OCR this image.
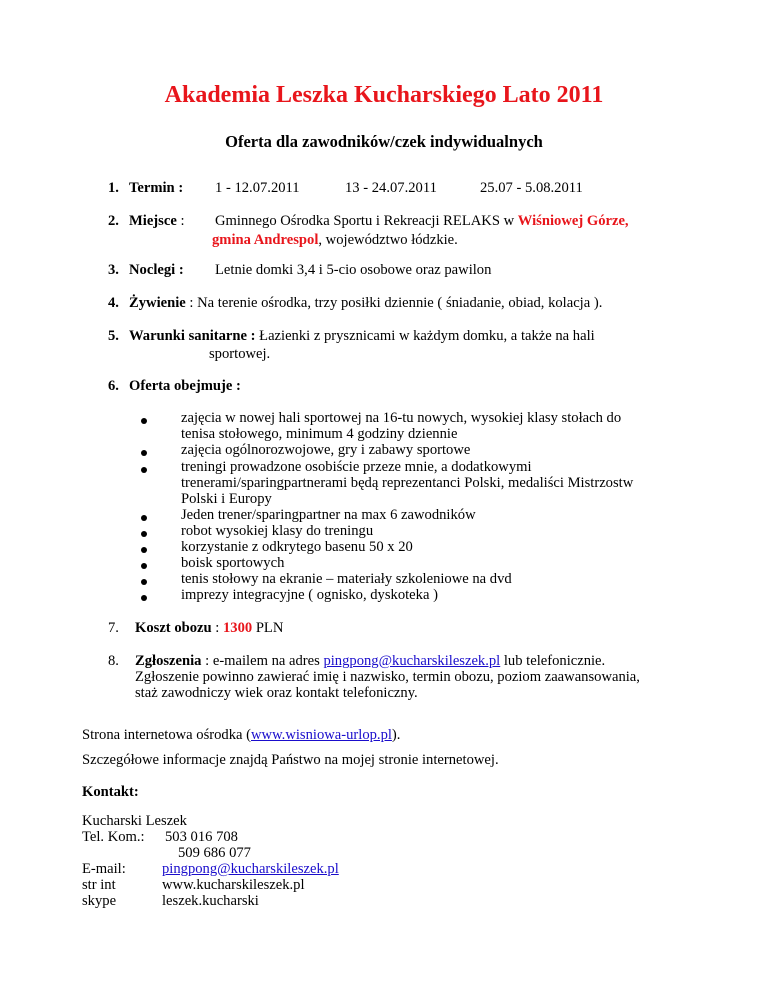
Akademia Leszka Kucharskiego Lato 2011
Oferta dla zawodników/czek indywidualnych
1. Termin : 1 - 12.07.2011	13 - 24.07.2011	25.07 - 5.08.2011
2. Miejsce : Gminnego Ośrodka Sportu i Rekreacji RELAKS w Wiśniowej Górze,
gmina Andrespol, województwo łódzkie.
3. Noclegi : Letnie domki 3,4 i 5-cio osobowe oraz pawilon
4. Żywienie : Na terenie ośrodka, trzy posiłki dziennie ( śniadanie, obiad, kolacja ).
5. Warunki sanitarne : Łazienki z prysznicami w każdym domku, a także na hali
sportowej.
6. Oferta obejmuje :
zajęcia w nowej hali sportowej na 16-tu nowych, wysokiej klasy stołach do
tenisa stołowego, minimum 4 godziny dziennie
zajęcia ogólnorozwojowe, gry i zabawy sportowe
treningi prowadzone osobiście przeze mnie, a dodatkowymi
trenerami/sparingpartnerami będą reprezentanci Polski, medaliści Mistrzostw
Polski i Europy
Jeden trener/sparingpartner na max 6 zawodników
robot wysokiej klasy do treningu
korzystanie z odkrytego basenu 50 x 20
boisk sportowych
tenis stołowy na ekranie – materiały szkoleniowe na dvd
imprezy integracyjne ( ognisko, dyskoteka )
7. Koszt obozu : 1300 PLN
8. Zgłoszenia : e-mailem na adres pingpong@kucharskileszek.pl lub telefonicznie.
Zgłoszenie powinno zawierać imię i nazwisko, termin obozu, poziom zaawansowania,
staż zawodniczy wiek oraz kontakt telefoniczny.
Strona internetowa ośrodka (www.wisniowa-urlop.pl).
Szczegółowe informacje znajdą Państwo na mojej stronie internetowej.
Kontakt:
Kucharski Leszek
Tel. Kom.: 503 016 708
509 686 077
E-mail: pingpong@kucharskileszek.pl
str int	www.kucharskileszek.pl
skype	leszek.kucharski
